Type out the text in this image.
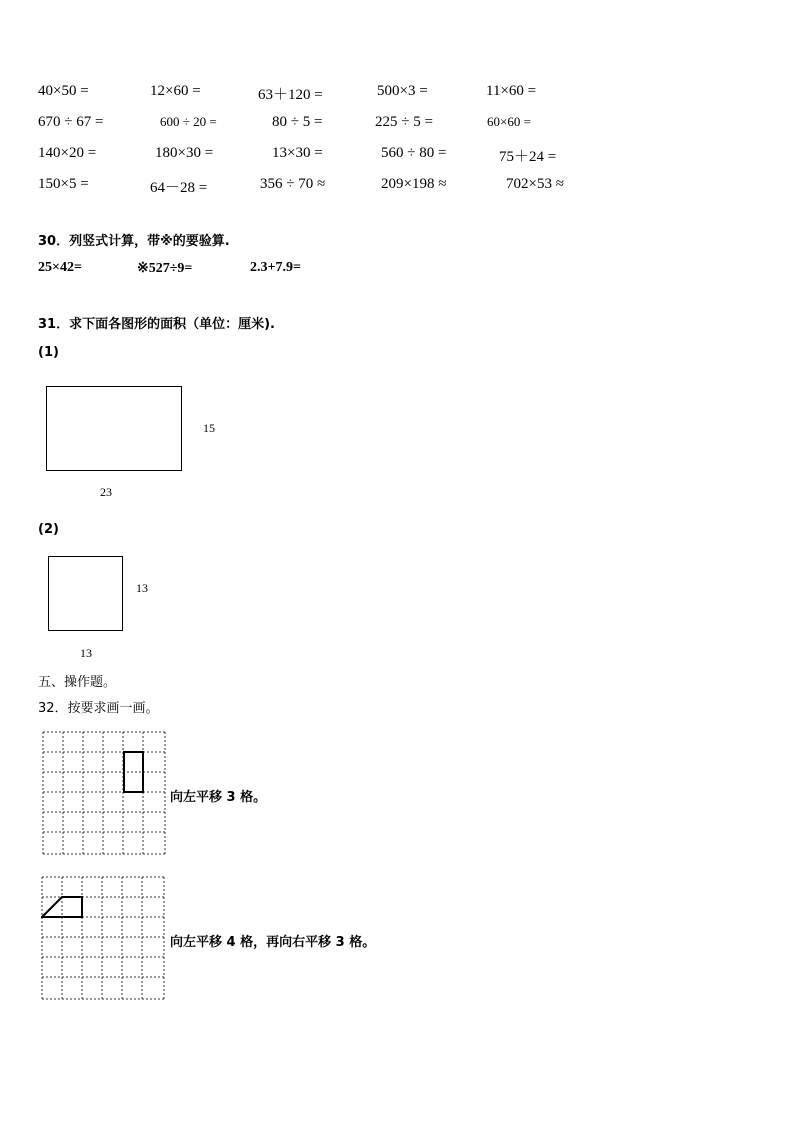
40×50 =	12×60 =	63＋120 =	500×3 =	11×60 =
670 ÷ 67 =	600 ÷ 20 =	80 ÷ 5 =	225 ÷ 5 =	60×60 =
140×20 =	180×30 =	13×30 =	560 ÷ 80 =	75＋24 =
150×5 =	64－28 =	356 ÷ 70 ≈	209×198 ≈	702×53 ≈
30．列竖式计算，带※的要验算.
25×42=	※527÷9=	2.3+7.9=
31．求下面各图形的面积（单位：厘米).
(1)
15
23
(2)
13
13
五、操作题。
32．按要求画一画。
向左平移 3 格。
向左平移 4 格，再向右平移 3 格。
